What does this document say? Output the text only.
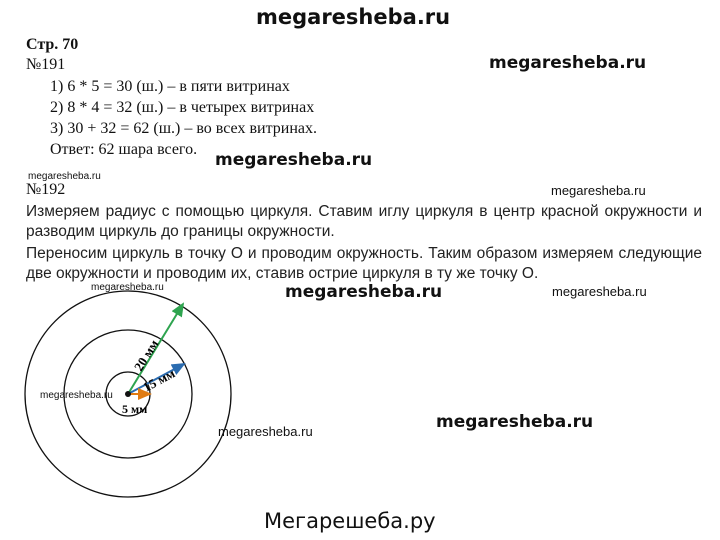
megaresheba.ru
megaresheba.ru
megaresheba.ru
megaresheba.ru
megaresheba.ru
megaresheba.ru	megaresheba.ru	megaresheba.ru
megaresheba.ru
megaresheba.ru
megaresheba.ru
Стр. 70
№191
1) 6 * 5 = 30 (ш.) – в пяти витринах
2) 8 * 4 = 32 (ш.) – в четырех витринах
3) 30 + 32 = 62 (ш.) – во всех витринах.
Ответ: 62 шара всего.
№192
Измеряем радиус с помощью циркуля. Ставим иглу циркуля в центр красной окружности и разводим циркуль до границы окружности.
Переносим циркуль в точку О и проводим окружность. Таким образом измеряем следующие две окружности и проводим их, ставив острие циркуля в ту же точку О.
20 мм
15 мм
5 мм
Мегарешеба.ру
